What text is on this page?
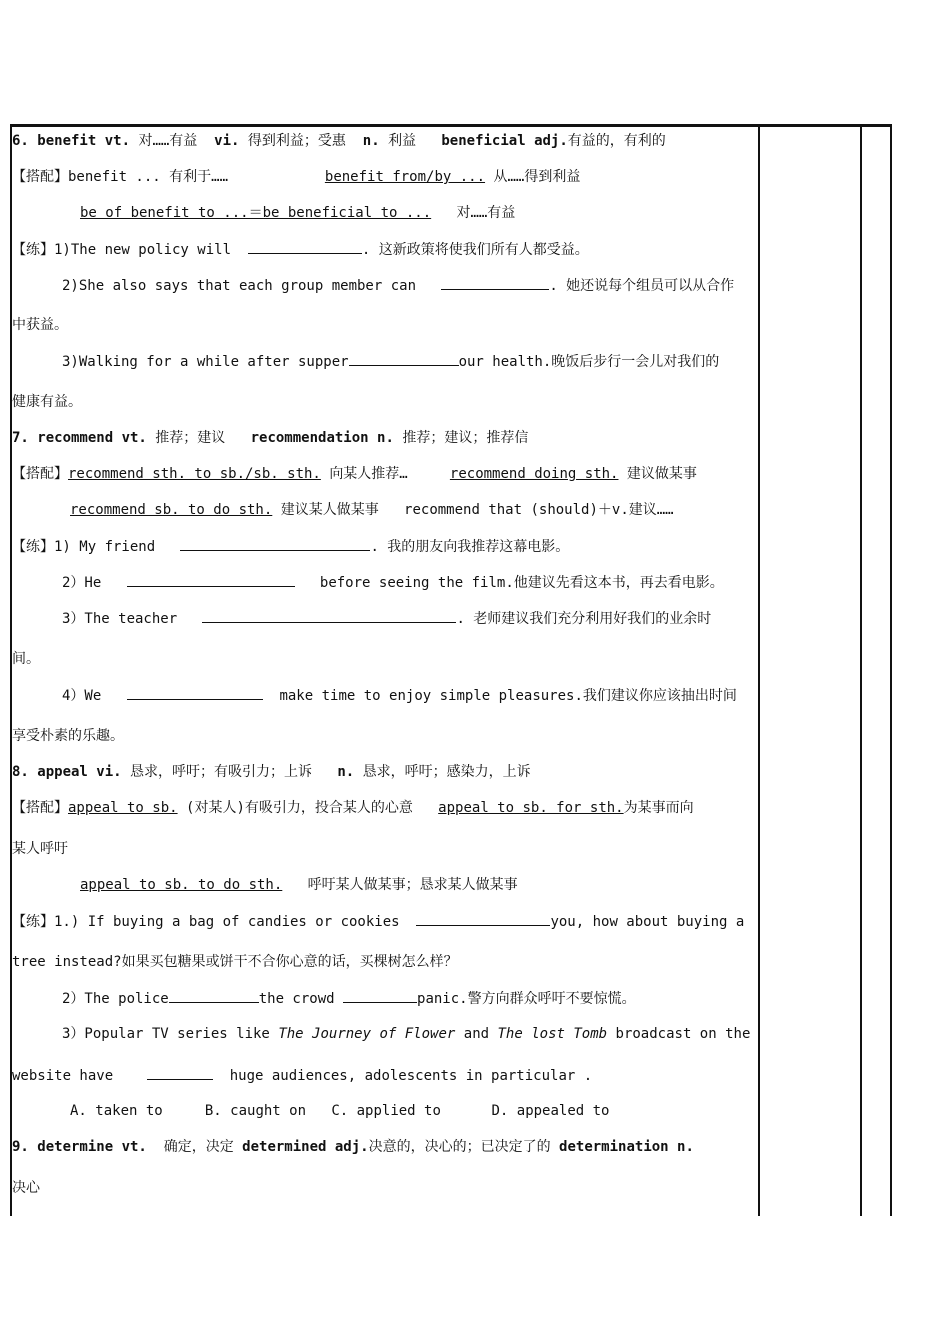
6. benefit vt. 对……有益 vi. 得到利益；受惠 n. 利益 beneficial adj.有益的，有利的
【搭配】benefit ... 有利于……	benefit from/by ... 从……得到利益
be of benefit to ...＝be beneficial to ... 对……有益
【练】1)The new policy will	. 这新政策将使我们所有人都受益。
2)She also says that each group member can	. 她还说每个组员可以从合作
中获益。
3)Walking for a while after supper	our health.晚饭后步行一会儿对我们的
健康有益。
7. recommend vt. 推荐；建议 recommendation n. 推荐；建议；推荐信
【搭配】recommend sth. to sb./sb. sth. 向某人推荐…	recommend doing sth. 建议做某事
recommend sb. to do sth. 建议某人做某事 recommend that (should)＋v.建议……
【练】1) My friend	. 我的朋友向我推荐这幕电影。
2）He	before seeing the film.他建议先看这本书，再去看电影。
3）The teacher	. 老师建议我们充分利用好我们的业余时
间。
4）We	make time to enjoy simple pleasures.我们建议你应该抽出时间
享受朴素的乐趣。
8. appeal vi. 恳求，呼吁；有吸引力；上诉 n. 恳求，呼吁；感染力，上诉
【搭配】appeal to sb. (对某人)有吸引力，投合某人的心意 appeal to sb. for sth.为某事而向
某人呼吁
appeal to sb. to do sth. 呼吁某人做某事；恳求某人做某事
【练】1.) If buying a bag of candies or cookies	you, how about buying a
tree instead?如果买包糖果或饼干不合你心意的话，买棵树怎么样？
2）The police	the crowd	panic.警方向群众呼吁不要惊慌。
3）Popular TV series like The Journey of Flower and The lost Tomb broadcast on the
website have	huge audiences, adolescents in particular .
A. taken to	B. caught on C. applied to	D. appealed to
9. determine vt. 确定，决定 determined adj.决意的，决心的；已决定了的 determination n.
决心
